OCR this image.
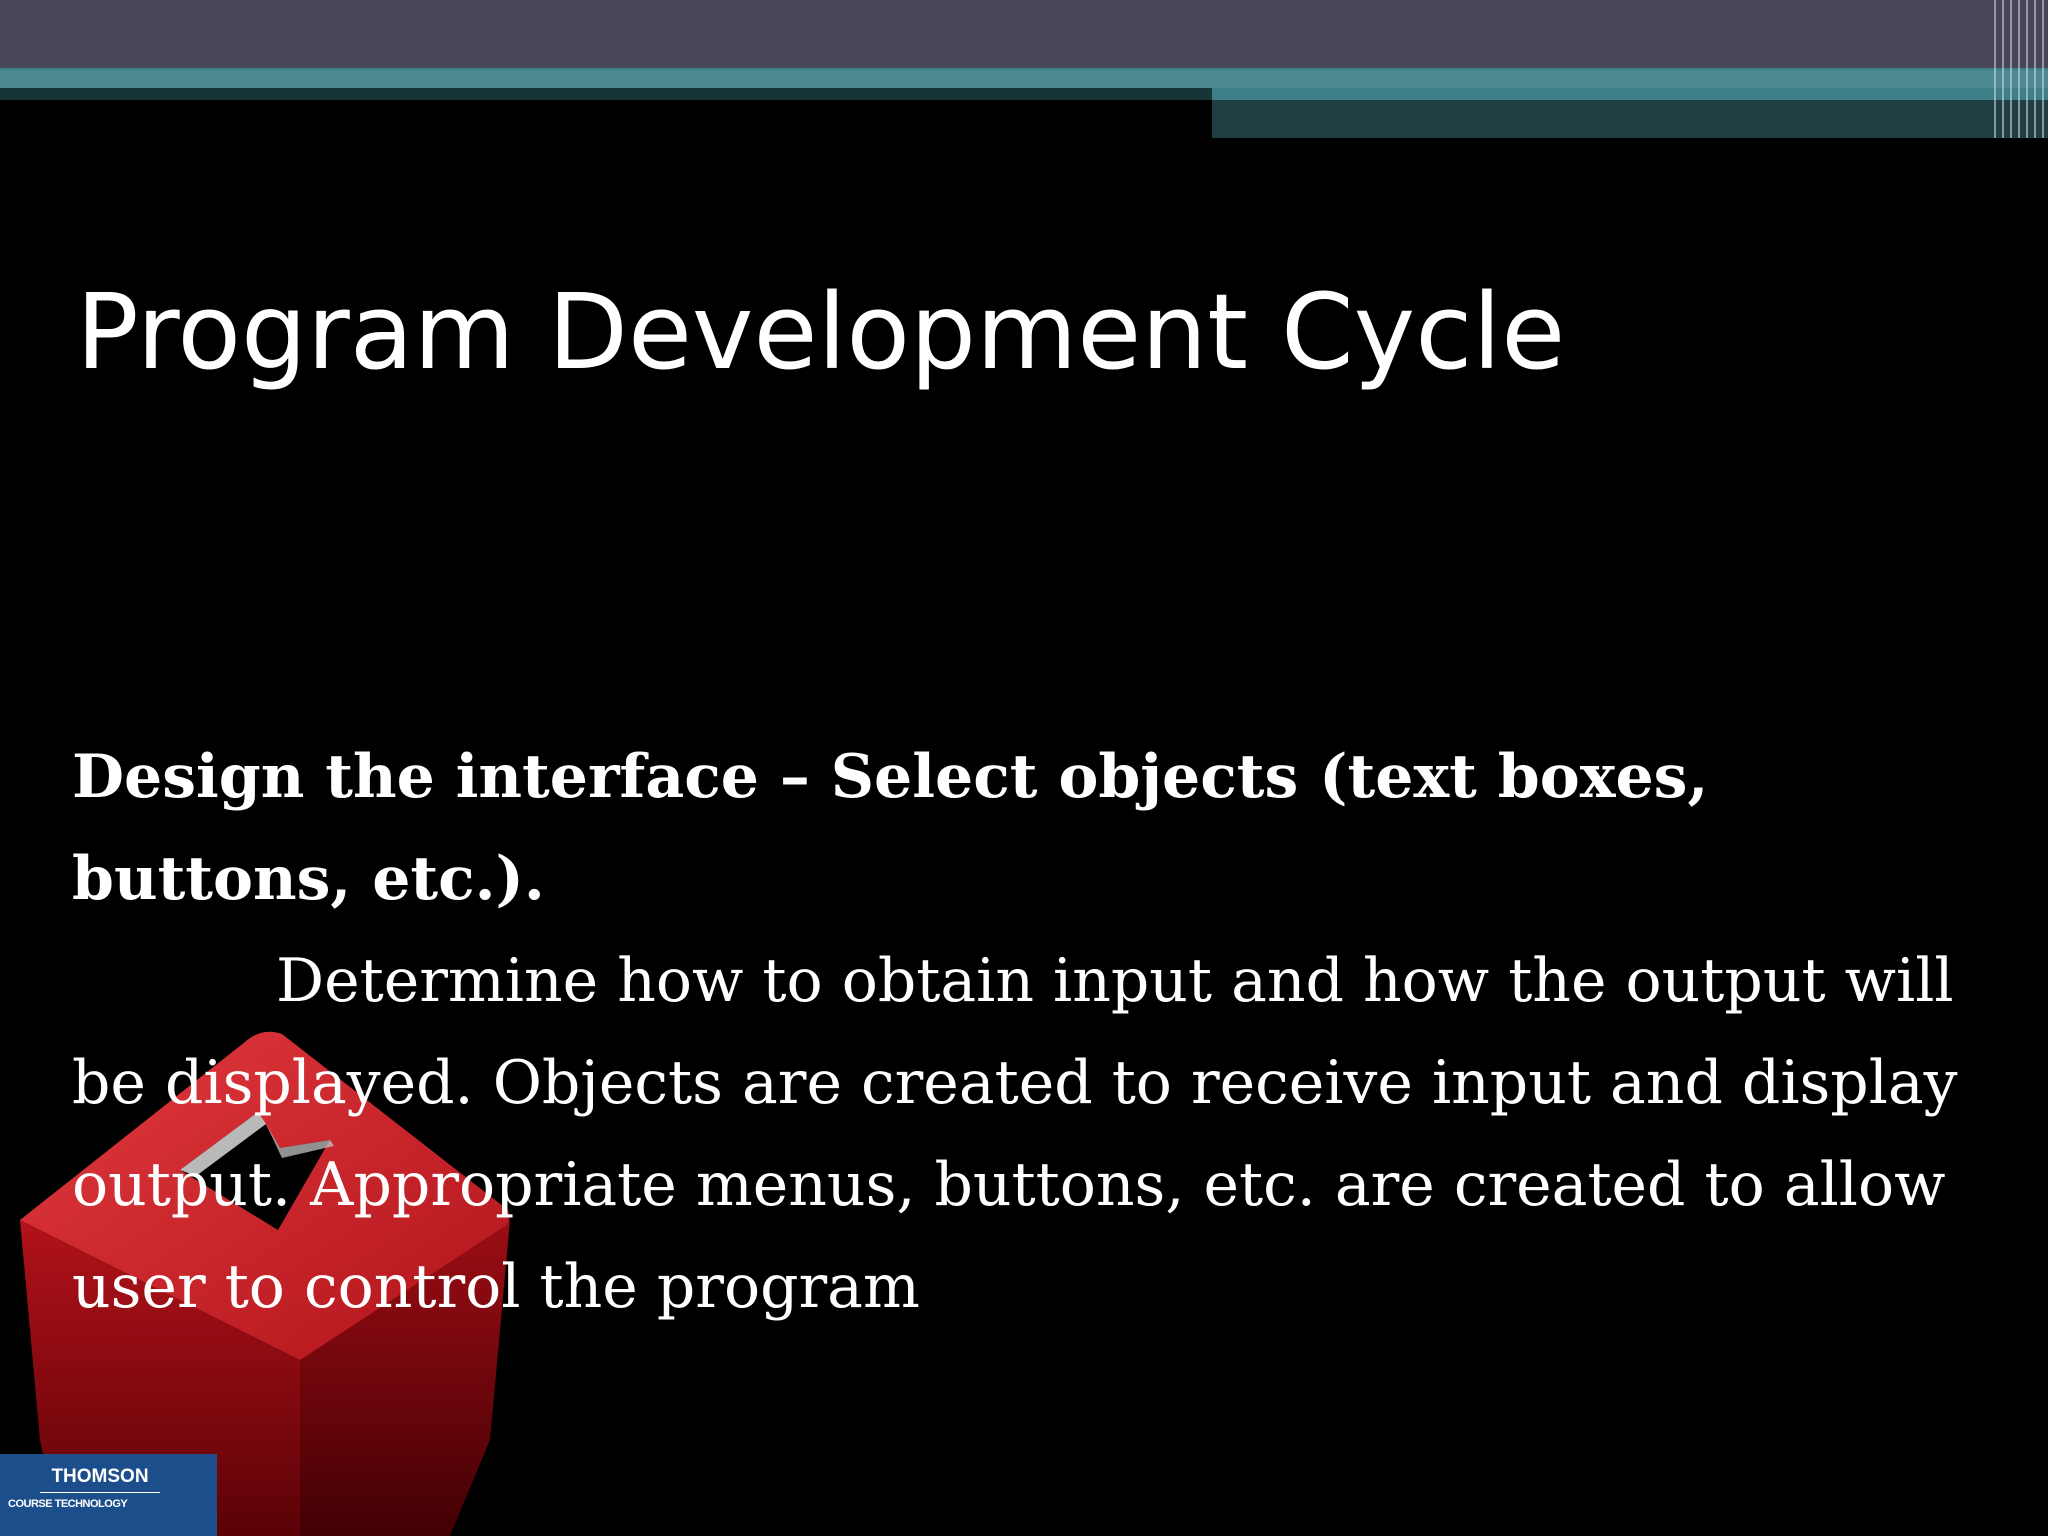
Program Development Cycle

Design the interface – Select objects (text boxes, buttons, etc.).

Determine how to obtain input and how the output will be displayed. Objects are created to receive input and display output. Appropriate menus, buttons, etc. are created to allow user to control the program

THOMSON
COURSE TECHNOLOGY
